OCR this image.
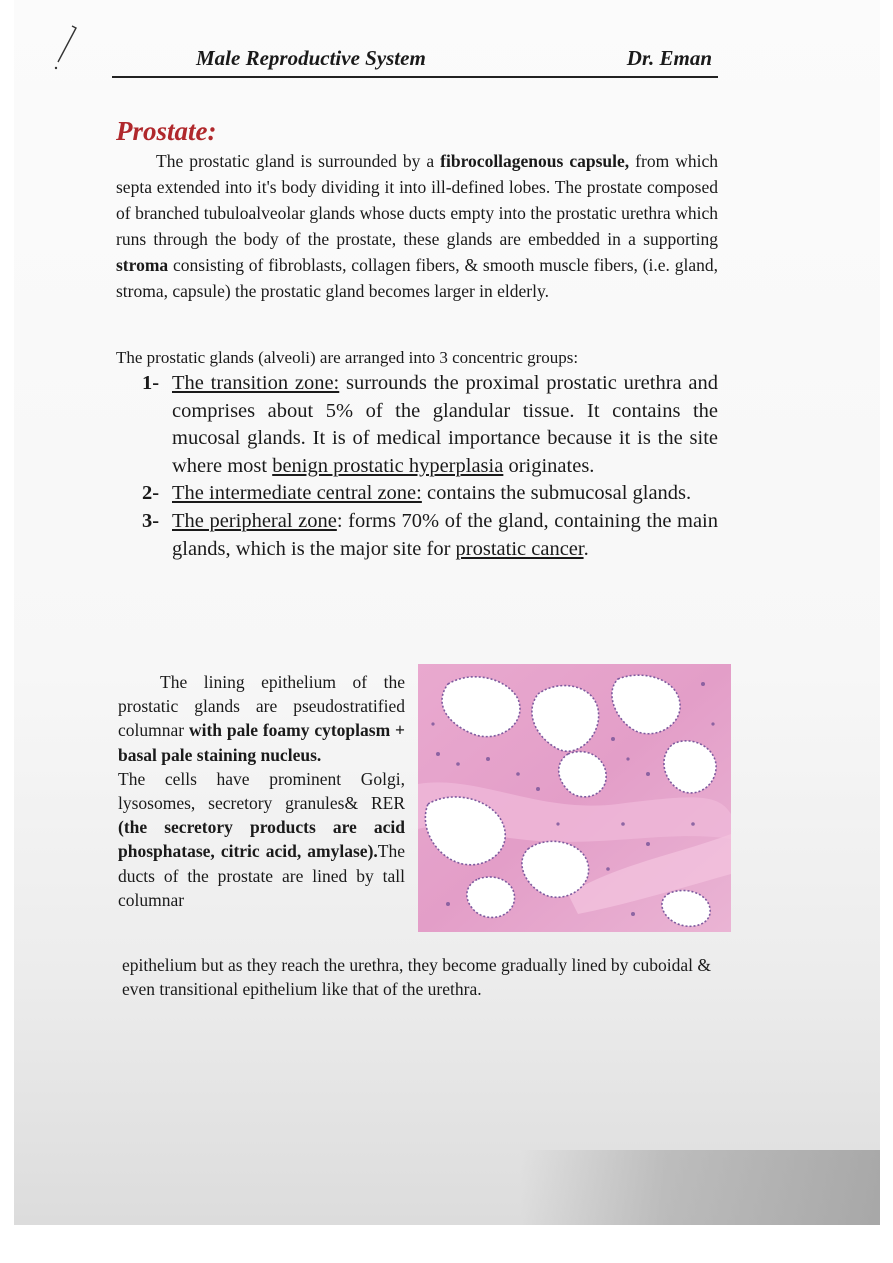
Male Reproductive System	Dr. Eman
Prostate:

The prostatic gland is surrounded by a fibrocollagenous capsule, from which septa extended into it's body dividing it into ill-defined lobes. The prostate composed of branched tubuloalveolar glands whose ducts empty into the prostatic urethra which runs through the body of the prostate, these glands are embedded in a supporting stroma consisting of fibroblasts, collagen fibers, & smooth muscle fibers, (i.e. gland, stroma, capsule) the prostatic gland becomes larger in elderly.

The prostatic glands (alveoli) are arranged into 3 concentric groups:

1- The transition zone: surrounds the proximal prostatic urethra and comprises about 5% of the glandular tissue. It contains the mucosal glands. It is of medical importance because it is the site where most benign prostatic hyperplasia originates.
2- The intermediate central zone: contains the submucosal glands.
3- The peripheral zone: forms 70% of the gland, containing the main glands, which is the major site for prostatic cancer.

The lining epithelium of the prostatic glands are pseudostratified columnar with pale foamy cytoplasm + basal pale staining nucleus.
The cells have prominent Golgi, lysosomes, secretory granules& RER (the secretory products are acid phosphatase, citric acid, amylase).The ducts of the prostate are lined by tall columnar

epithelium but as they reach the urethra, they become gradually lined by cuboidal & even transitional epithelium like that of the urethra.
